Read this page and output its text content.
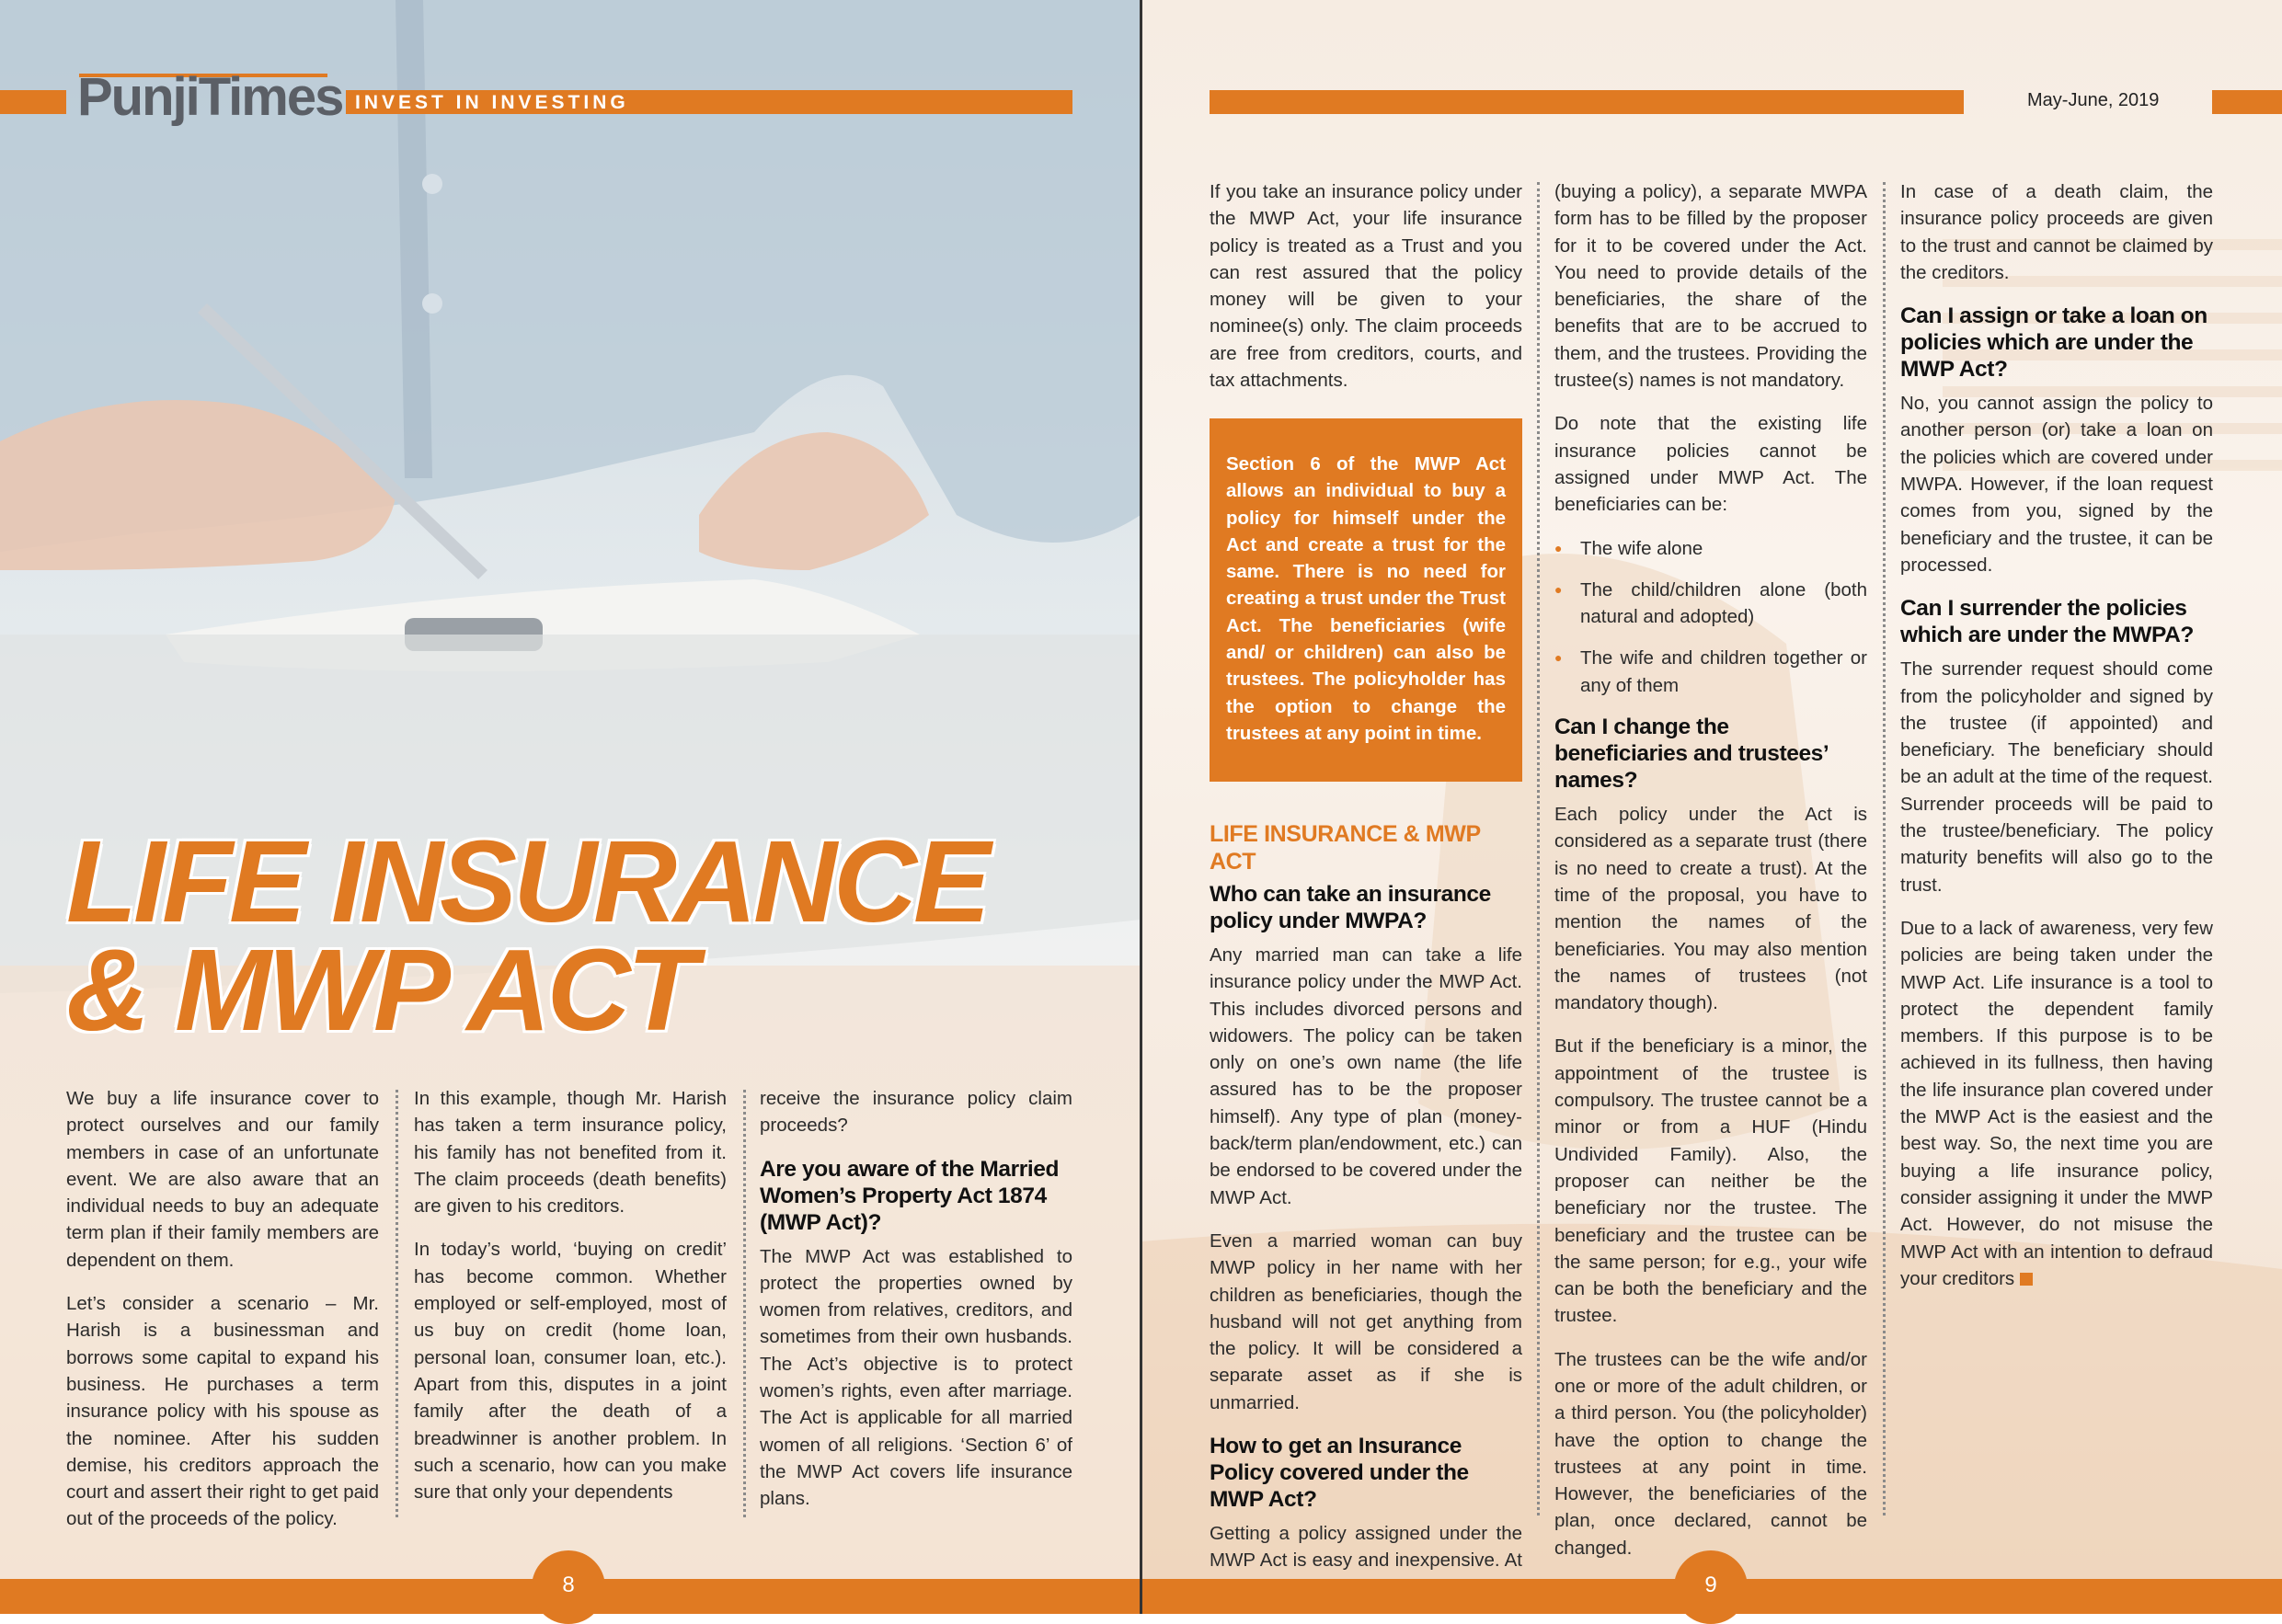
PunjiTimes INVEST IN INVESTING	May-June, 2019
LIFE INSURANCE
& MWP ACT

We buy a life insurance cover to protect ourselves and our family members in case of an unfortunate event. We are also aware that an individual needs to buy an adequate term plan if their family members are dependent on them.

Let’s consider a scenario – Mr. Harish is a businessman and borrows some capital to expand his business. He purchases a term insurance policy with his spouse as the nominee. After his sudden demise, his creditors approach the court and assert their right to get paid out of the proceeds of the policy.

In this example, though Mr. Harish has taken a term insurance policy, his family has not benefited from it. The claim proceeds (death benefits) are given to his creditors.

In today’s world, ‘buying on credit’ has become common. Whether employed or self-employed, most of us buy on credit (home loan, personal loan, consumer loan, etc.). Apart from this, disputes in a joint family after the death of a breadwinner is another problem. In such a scenario, how can you make sure that only your dependents

receive the insurance policy claim proceeds?

Are you aware of the Married Women’s Property Act 1874 (MWP Act)?

The MWP Act was established to protect the properties owned by women from relatives, creditors, and sometimes from their own husbands. The Act’s objective is to protect women’s rights, even after marriage. The Act is applicable for all married women of all religions. ‘Section 6’ of the MWP Act covers life insurance plans.

If you take an insurance policy under the MWP Act, your life insurance policy is treated as a Trust and you can rest assured that the policy money will be given to your nominee(s) only. The claim proceeds are free from creditors, courts, and tax attachments.

Section 6 of the MWP Act allows an individual to buy a policy for himself under the Act and create a trust for the same. There is no need for creating a trust under the Trust Act. The beneficiaries (wife and/ or children) can also be trustees. The policyholder has the option to change the trustees at any point in time.
LIFE INSURANCE & MWP ACT
Who can take an insurance policy under MWPA?

Any married man can take a life insurance policy under the MWP Act. This includes divorced persons and widowers. The policy can be taken only on one’s own name (the life assured has to be the proposer himself). Any type of plan (money-back/term plan/endowment, etc.) can be endorsed to be covered under the MWP Act.

Even a married woman can buy MWP policy in her name with her children as beneficiaries, though the husband will not get anything from the policy. It will be considered a separate asset as if she is unmarried.

How to get an Insurance Policy covered under the MWP Act?

Getting a policy assigned under the MWP Act is easy and inexpensive. At

(buying a policy), a separate MWPA form has to be filled by the proposer for it to be covered under the Act. You need to provide details of the beneficiaries, the share of the benefits that are to be accrued to them, and the trustees. Providing the trustee(s) names is not mandatory.

Do note that the existing life insurance policies cannot be assigned under MWP Act. The beneficiaries can be:

● The wife alone
● The child/children alone (both natural and adopted)
● The wife and children together or any of them
Can I change the beneficiaries and trustees’ names?

Each policy under the Act is considered as a separate trust (there is no need to create a trust). At the time of the proposal, you have to mention the names of the beneficiaries. You may also mention the names of trustees (not mandatory though).

But if the beneficiary is a minor, the appointment of the trustee is compulsory. The trustee cannot be a minor or from a HUF (Hindu Undivided Family). Also, the proposer can neither be the beneficiary nor the trustee. The beneficiary and the trustee can be the same person; for e.g., your wife can be both the beneficiary and the trustee.

The trustees can be the wife and/or one or more of the adult children, or a third person. You (the policyholder) have the option to change the trustees at any point in time. However, the beneficiaries of the plan, once declared, cannot be changed.

In case of a death claim, the insurance policy proceeds are given to the trust and cannot be claimed by the creditors.

Can I assign or take a loan on policies which are under the MWP Act?

No, you cannot assign the policy to another person (or) take a loan on the policies which are covered under MWPA. However, if the loan request comes from you, signed by the beneficiary and the trustee, it can be processed.

Can I surrender the policies which are under the MWPA?

The surrender request should come from the policyholder and signed by the trustee (if appointed) and beneficiary. The beneficiary should be an adult at the time of the request. Surrender proceeds will be paid to the trustee/beneficiary. The policy maturity benefits will also go to the trust.

Due to a lack of awareness, very few policies are being taken under the MWP Act. Life insurance is a tool to protect the dependent family members. If this purpose is to be achieved in its fullness, then having the life insurance plan covered under the MWP Act is the easiest and the best way. So, the next time you are buying a life insurance policy, consider assigning it under the MWP Act. However, do not misuse the MWP Act with an intention to defraud your creditors

8	9
